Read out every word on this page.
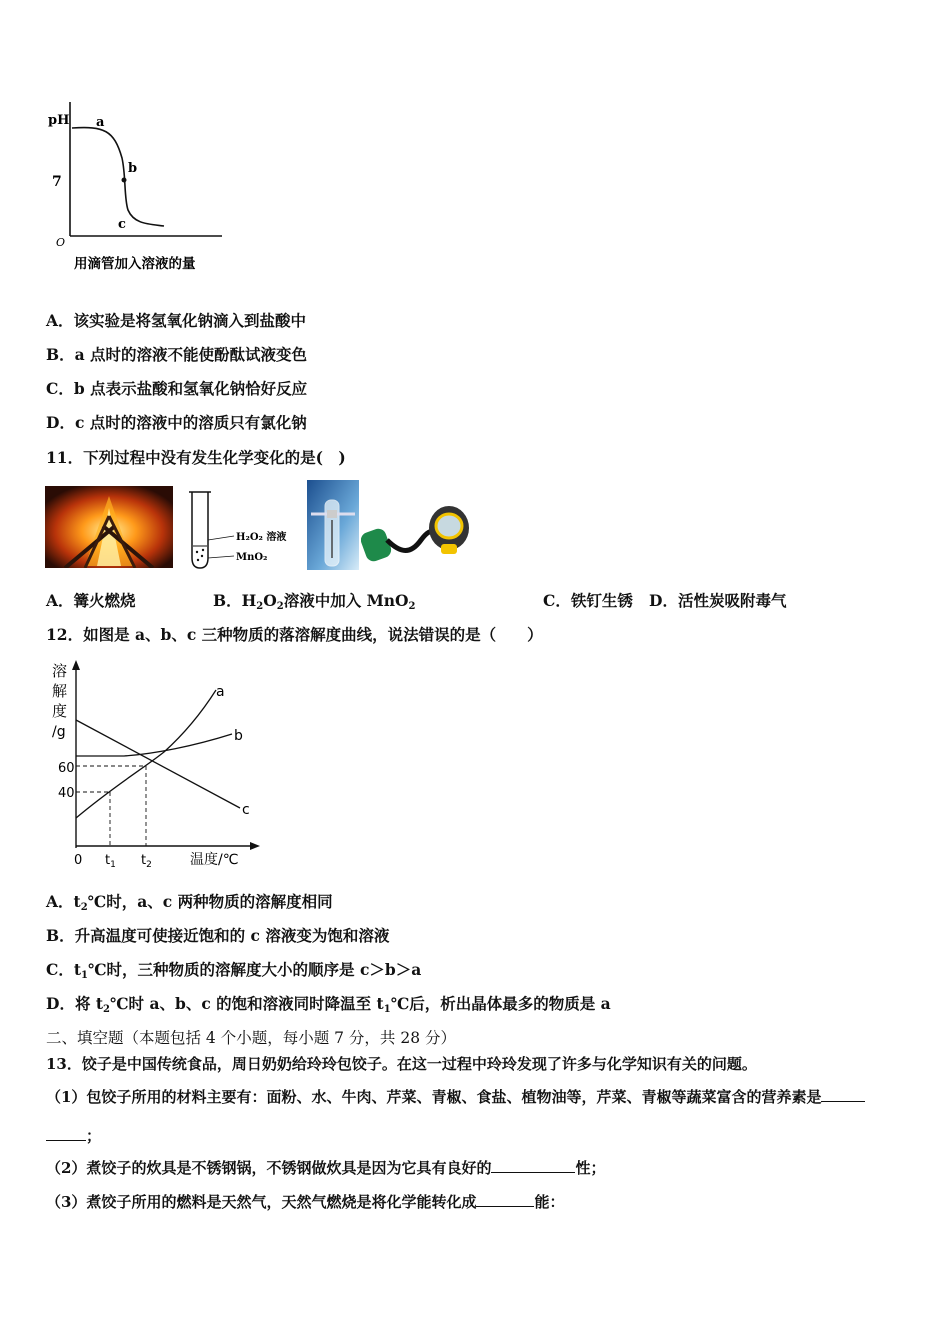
pH
7
O
a
b
c
用滴管加入溶液的量
A．该实验是将氢氧化钠滴入到盐酸中
B．a 点时的溶液不能使酚酞试液变色
C．b 点表示盐酸和氢氧化钠恰好反应
D．c 点时的溶液中的溶质只有氯化钠
11．下列过程中没有发生化学变化的是(　)
H₂O₂ 溶液
MnO₂
A．篝火燃烧	B．$H_2O_2$溶液中加入 MnO$_2$	C．铁钉生锈 D．活性炭吸附毒气
12．如图是 a、b、c 三种物质的落溶解度曲线，说法错误的是（　　）
a
b
c
溶
解
度
/g
60
40
0 $t_1$ $t_2$	温度/℃
A．$t_2℃$时，a、c 两种物质的溶解度相同
B．升高温度可使接近饱和的 c 溶液变为饱和溶液
C．$t_1℃$时，三种物质的溶解度大小的顺序是 c＞b＞a
D．将 $t_2℃$时 a、b、c 的饱和溶液同时降温至 $t_1℃$后，析出晶体最多的物质是 a
二、填空题（本题包括 4 个小题，每小题 7 分，共 28 分）
13．饺子是中国传统食品，周日奶奶给玲玲包饺子。在这一过程中玲玲发现了许多与化学知识有关的问题。
（1）包饺子所用的材料主要有：面粉、水、牛肉、芹菜、青椒、食盐、植物油等，芹菜、青椒等蔬菜富含的营养素是
；
（2）煮饺子的炊具是不锈钢锅，不锈钢做炊具是因为它具有良好的	性；
（3）煮饺子所用的燃料是天然气，天然气燃烧是将化学能转化成	能：
